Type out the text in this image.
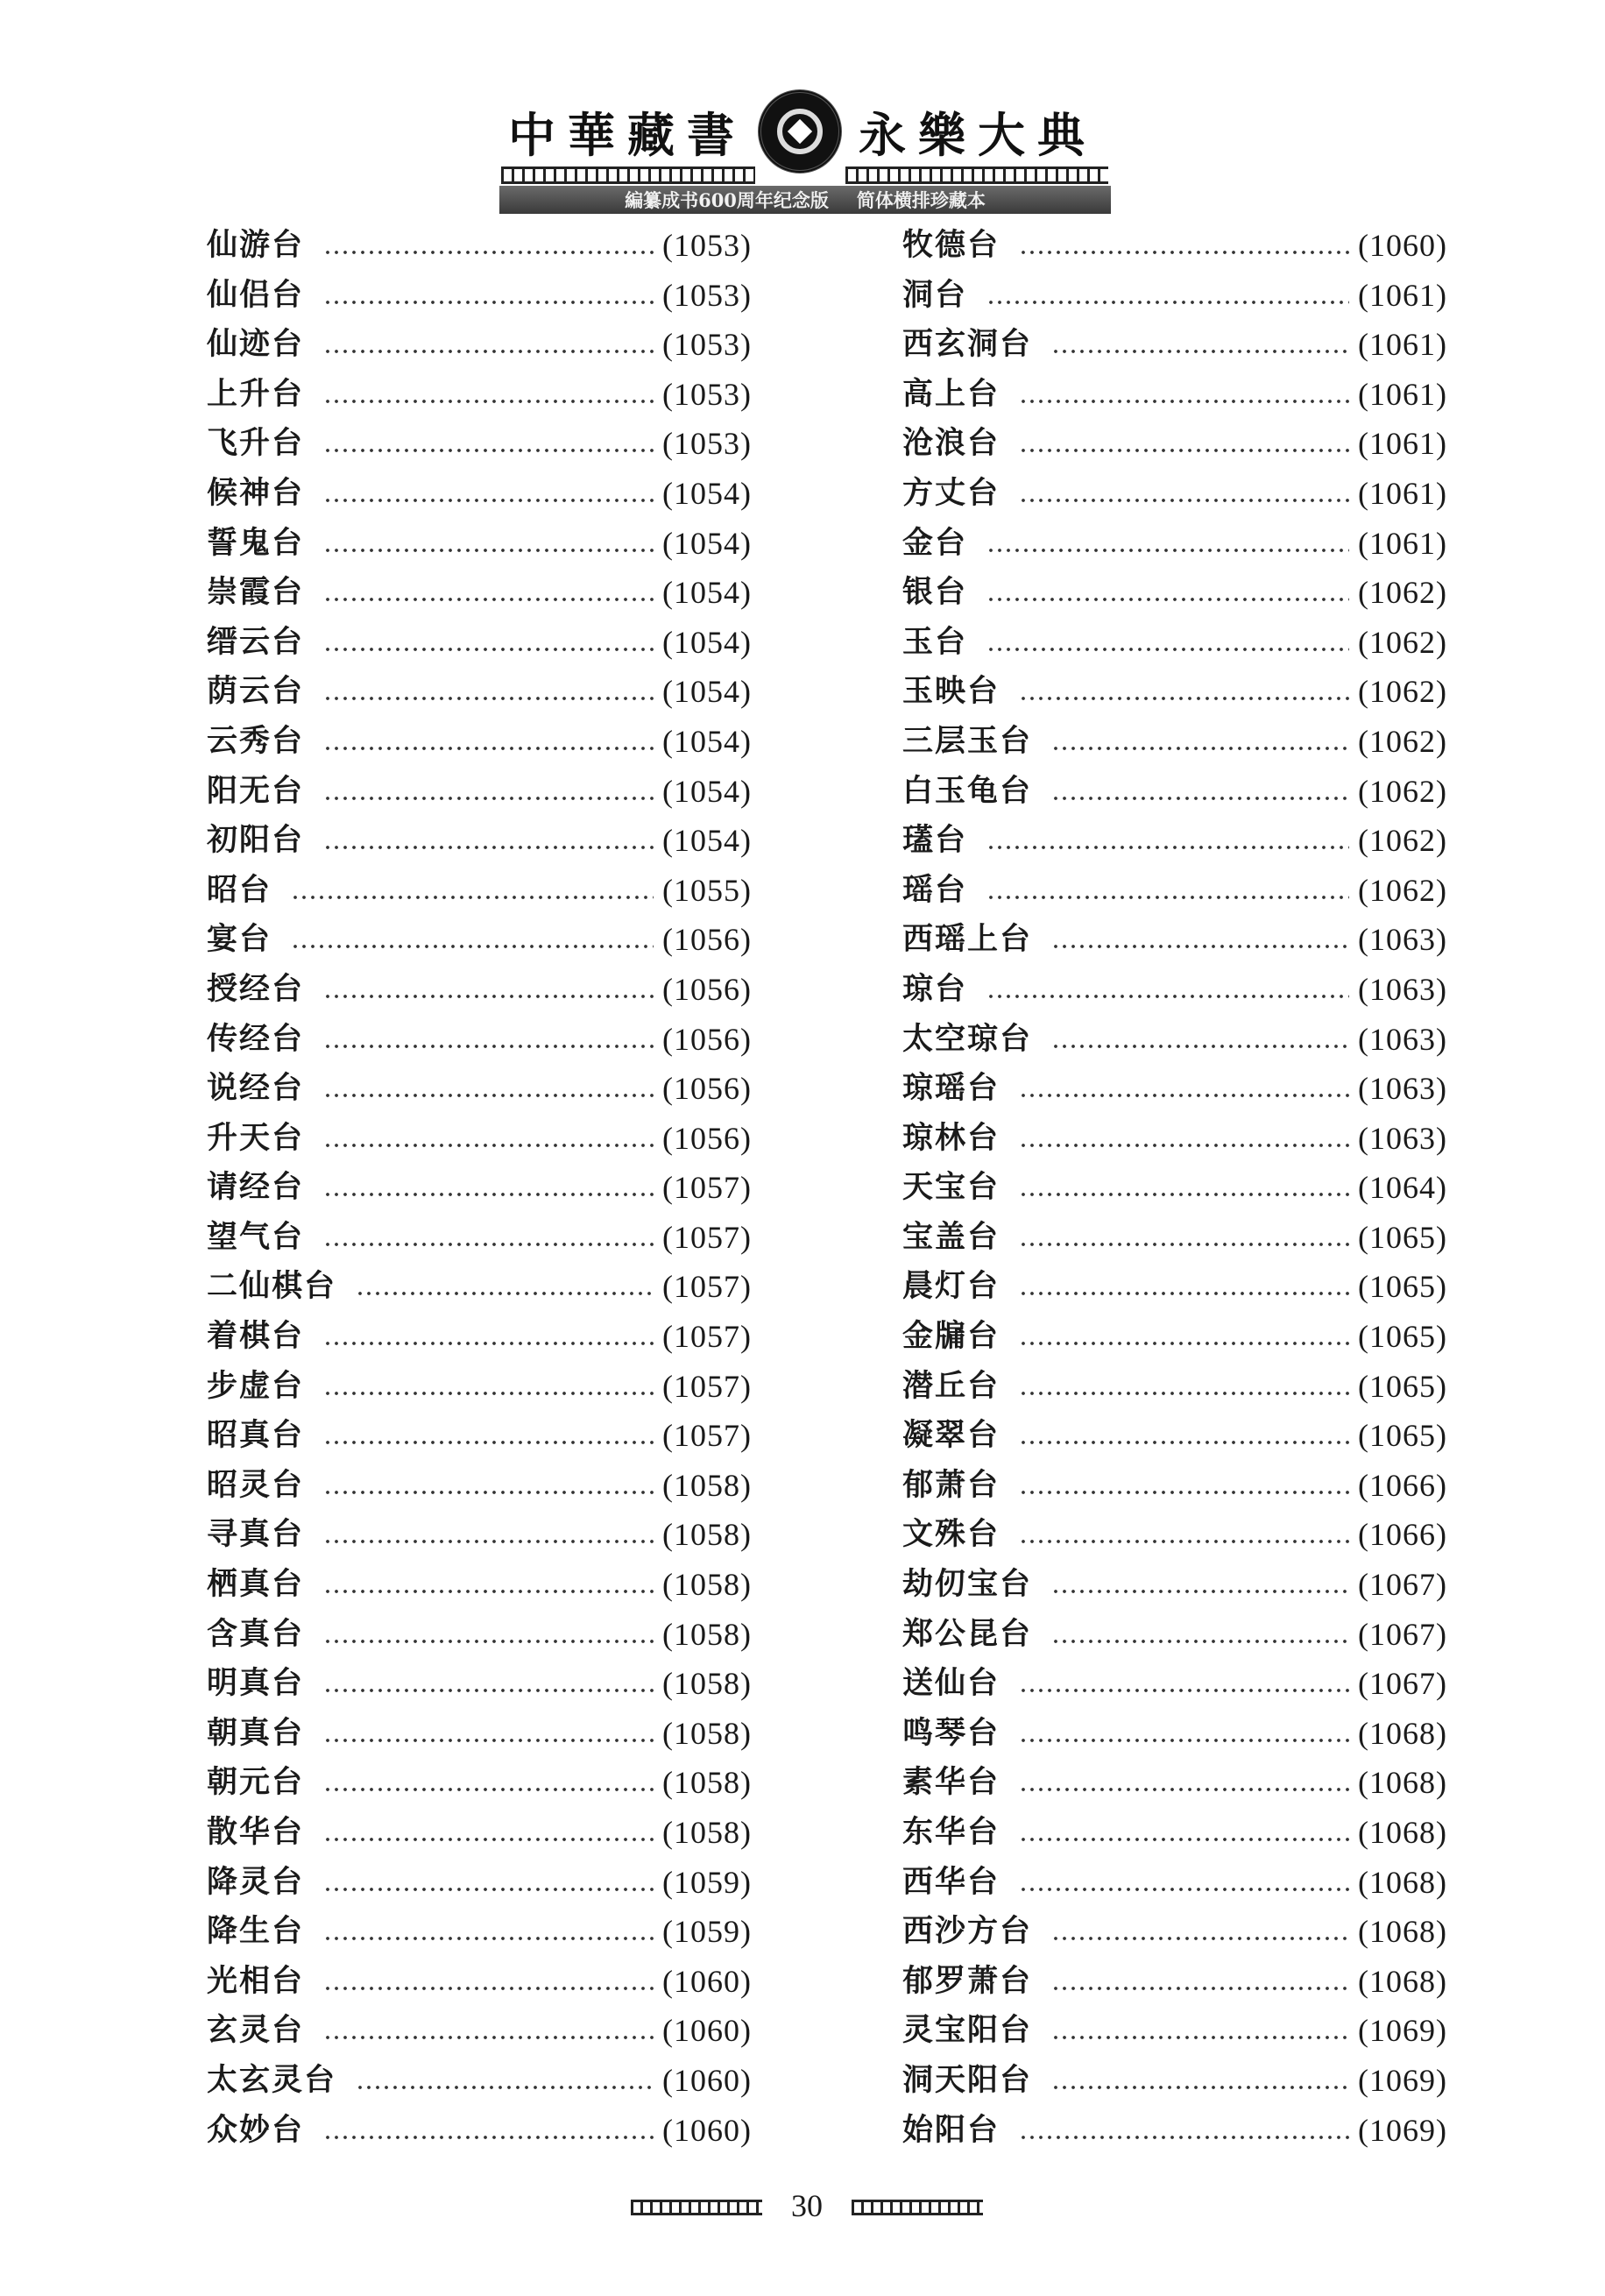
中華藏書 永樂大典
編纂成书600周年纪念版 简体横排珍藏本
仙游台	(1053)
仙侣台	(1053)
仙迹台	(1053)
上升台	(1053)
飞升台	(1053)
候神台	(1054)
誓鬼台	(1054)
崇霞台	(1054)
缙云台	(1054)
荫云台	(1054)
云秀台	(1054)
阳无台	(1054)
初阳台	(1054)
昭台	(1055)
宴台	(1056)
授经台	(1056)
传经台	(1056)
说经台	(1056)
升天台	(1056)
请经台	(1057)
望气台	(1057)
二仙棋台	(1057)
着棋台	(1057)
步虚台	(1057)
昭真台	(1057)
昭灵台	(1058)
寻真台	(1058)
栖真台	(1058)
含真台	(1058)
明真台	(1058)
朝真台	(1058)
朝元台	(1058)
散华台	(1058)
降灵台	(1059)
降生台	(1059)
光相台	(1060)
玄灵台	(1060)
太玄灵台	(1060)
众妙台	(1060)
牧德台	(1060)
洞台	(1061)
西玄洞台	(1061)
高上台	(1061)
沧浪台	(1061)
方丈台	(1061)
金台	(1061)
银台	(1062)
玉台	(1062)
玉映台	(1062)
三层玉台	(1062)
白玉龟台	(1062)
瓂台	(1062)
瑶台	(1062)
西瑶上台	(1063)
琼台	(1063)
太空琼台	(1063)
琼瑶台	(1063)
琼林台	(1063)
天宝台	(1064)
宝盖台	(1065)
晨灯台	(1065)
金牖台	(1065)
潜丘台	(1065)
凝翠台	(1065)
郁萧台	(1066)
文殊台	(1066)
劫仞宝台	(1067)
郑公昆台	(1067)
送仙台	(1067)
鸣琴台	(1068)
素华台	(1068)
东华台	(1068)
西华台	(1068)
西沙方台	(1068)
郁罗萧台	(1068)
灵宝阳台	(1069)
洞天阳台	(1069)
始阳台	(1069)
30
